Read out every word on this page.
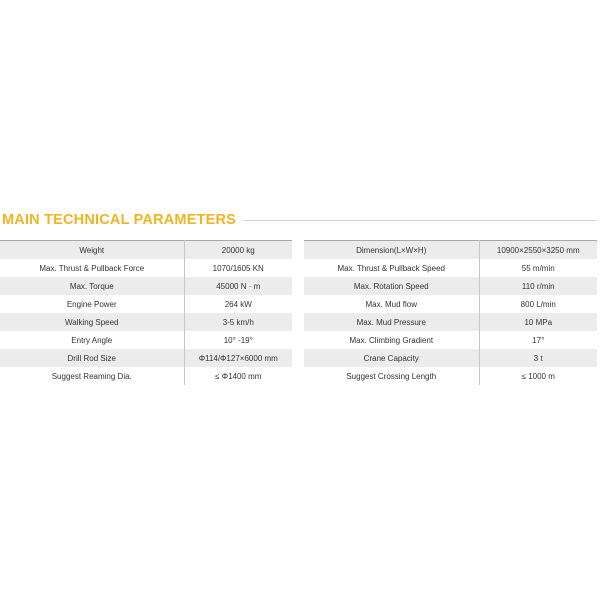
MAIN TECHNICAL PARAMETERS
Weight	20000 kg
Max. Thrust & Pullback Force	1070/1605 KN
Max. Torque	45000 N · m
Engine Power	264 kW
Walking Speed	3-5 km/h
Entry Angle	10° -19°
Drill Rod Size	Φ114/Φ127×6000 mm
Suggest Reaming Dia.	≤ Φ1400 mm
Dimension(L×W×H)	10900×2550×3250 mm
Max. Thrust & Pullback Speed	55 m/min
Max. Rotation Speed	110 r/min
Max. Mud flow	800 L/min
Max. Mud Pressure	10 MPa
Max. Climbing Gradient	17°
Crane Capacity	3 t
Suggest Crossing Length	≤ 1000 m
